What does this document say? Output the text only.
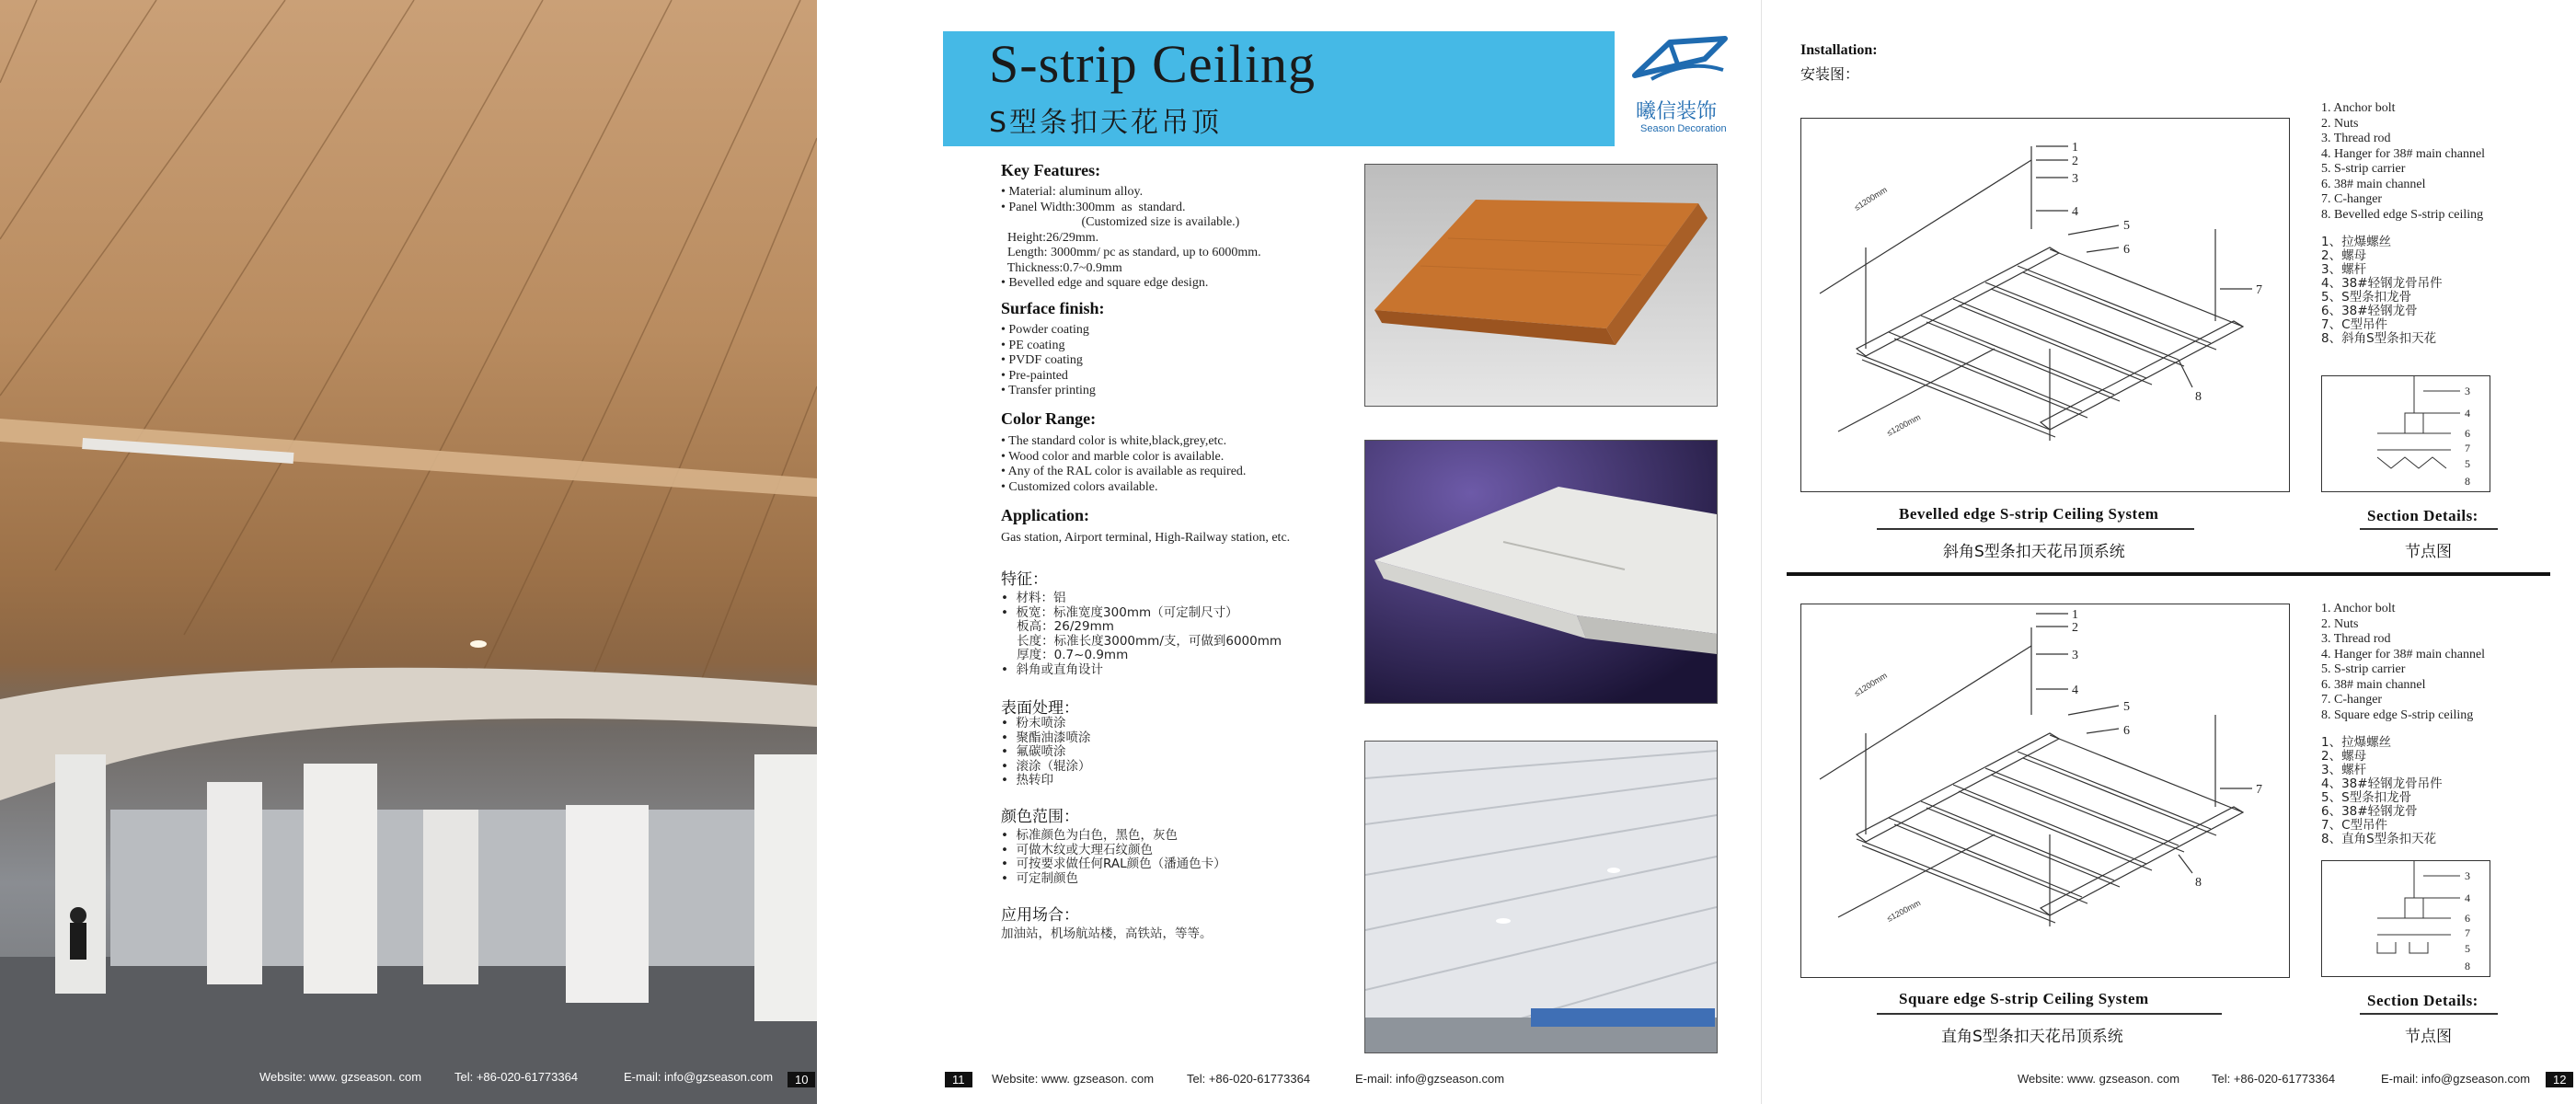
Website: www. gzseason. com	Tel: +86-020-61773364	E-mail: info@gzseason.com	10
S-strip Ceiling
S型条扣天花吊顶	曦信装饰
Season Decoration
Key Features:
• Material: aluminum alloy.
• Panel Width:300mm  as  standard.
(Customized size is available.)
Height:26/29mm.
Length: 3000mm/ pc as standard, up to 6000mm.
Thickness:0.7~0.9mm
• Bevelled edge and square edge design.
Surface finish:
• Powder coating
• PE coating
• PVDF coating
• Pre-painted
• Transfer printing
Color Range:
• The standard color is white,black,grey,etc.
• Wood color and marble color is available.
• Any of the RAL color is available as required.
• Customized colors available.
Application:
Gas station, Airport terminal, High-Railway station, etc.
特征：
•  材料：铝
•  板宽：标准宽度300mm（可定制尺寸）
板高：26/29mm
长度：标准长度3000mm/支，可做到6000mm
厚度：0.7~0.9mm
•  斜角或直角设计
表面处理：
•  粉末喷涂
•  聚酯油漆喷涂
•  氟碳喷涂
•  滚涂（辊涂）
•  热转印
颜色范围：
•  标准颜色为白色，黑色，灰色
•  可做木纹或大理石纹颜色
•  可按要求做任何RAL颜色（潘通色卡）
•  可定制颜色
应用场合：
加油站，机场航站楼，高铁站，等等。
11	Website: www. gzseason. com	Tel: +86-020-61773364	E-mail: info@gzseason.com
Installation:
安装图：
1
2
3
4
5
6
7
8
≤1200mm
≤1200mm
1. Anchor bolt
2. Nuts
3. Thread rod
4. Hanger for 38# main channel
5. S-strip carrier
6. 38# main channel
7. C-hanger
8. Bevelled edge S-strip ceiling
1、拉爆螺丝
2、螺母
3、螺杆
4、38#轻钢龙骨吊件
5、S型条扣龙骨
6、38#轻钢龙骨
7、C型吊件
8、斜角S型条扣天花
3
4
6
7
5
8
Bevelled edge S-strip Ceiling System
斜角S型条扣天花吊顶系统
Section Details:
节点图
1
2
3
4
5
6
7
8
≤1200mm
≤1200mm
1. Anchor bolt
2. Nuts
3. Thread rod
4. Hanger for 38# main channel
5. S-strip carrier
6. 38# main channel
7. C-hanger
8. Square edge S-strip ceiling
1、拉爆螺丝
2、螺母
3、螺杆
4、38#轻钢龙骨吊件
5、S型条扣龙骨
6、38#轻钢龙骨
7、C型吊件
8、直角S型条扣天花
3
4
6
7
5
8
Square edge S-strip Ceiling System
直角S型条扣天花吊顶系统
Section Details:
节点图
Website: www. gzseason. com	Tel: +86-020-61773364	E-mail: info@gzseason.com	12
